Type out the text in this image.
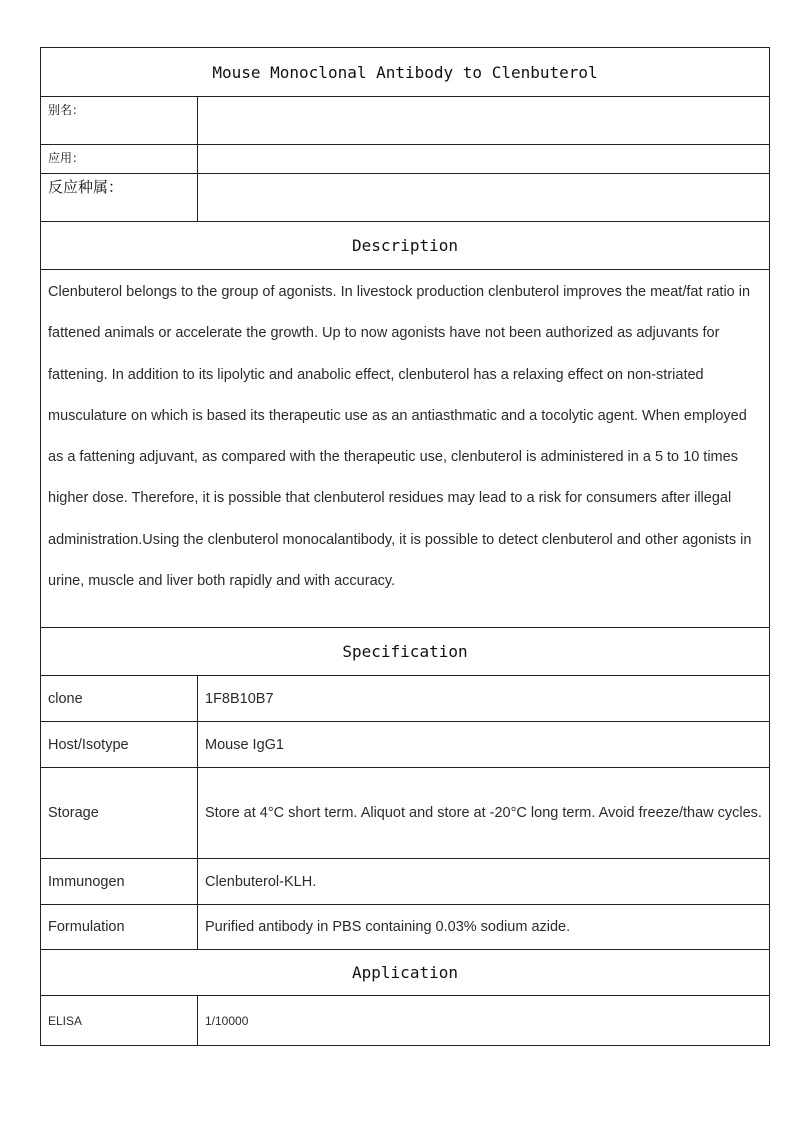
Mouse Monoclonal Antibody to Clenbuterol	
别名：	
应用：	
反应种属：	
Description	
Clenbuterol belongs to the group of agonists. In livestock production clenbuterol improves the meat/fat ratio in fattened animals or accelerate the growth. Up to now agonists have not been authorized as adjuvants for fattening. In addition to its lipolytic and anabolic effect, clenbuterol has a relaxing effect on non-striated musculature on which is based its therapeutic use as an antiasthmatic and a tocolytic agent. When employed as a fattening adjuvant, as compared with the therapeutic use, clenbuterol is administered in a 5 to 10 times higher dose. Therefore, it is possible that clenbuterol residues may lead to a risk for consumers after illegal administration.Using the clenbuterol monocalantibody, it is possible to detect clenbuterol and other agonists in urine, muscle and liver both rapidly and with accuracy.	
Specification	
clone	1F8B10B7
Host/Isotype	Mouse IgG1
Storage	Store at 4°C short term. Aliquot and store at -20°C long term. Avoid freeze/thaw cycles.
Immunogen	Clenbuterol-KLH.
Formulation	Purified antibody in PBS containing 0.03% sodium azide.
Application	
ELISA	1/10000
